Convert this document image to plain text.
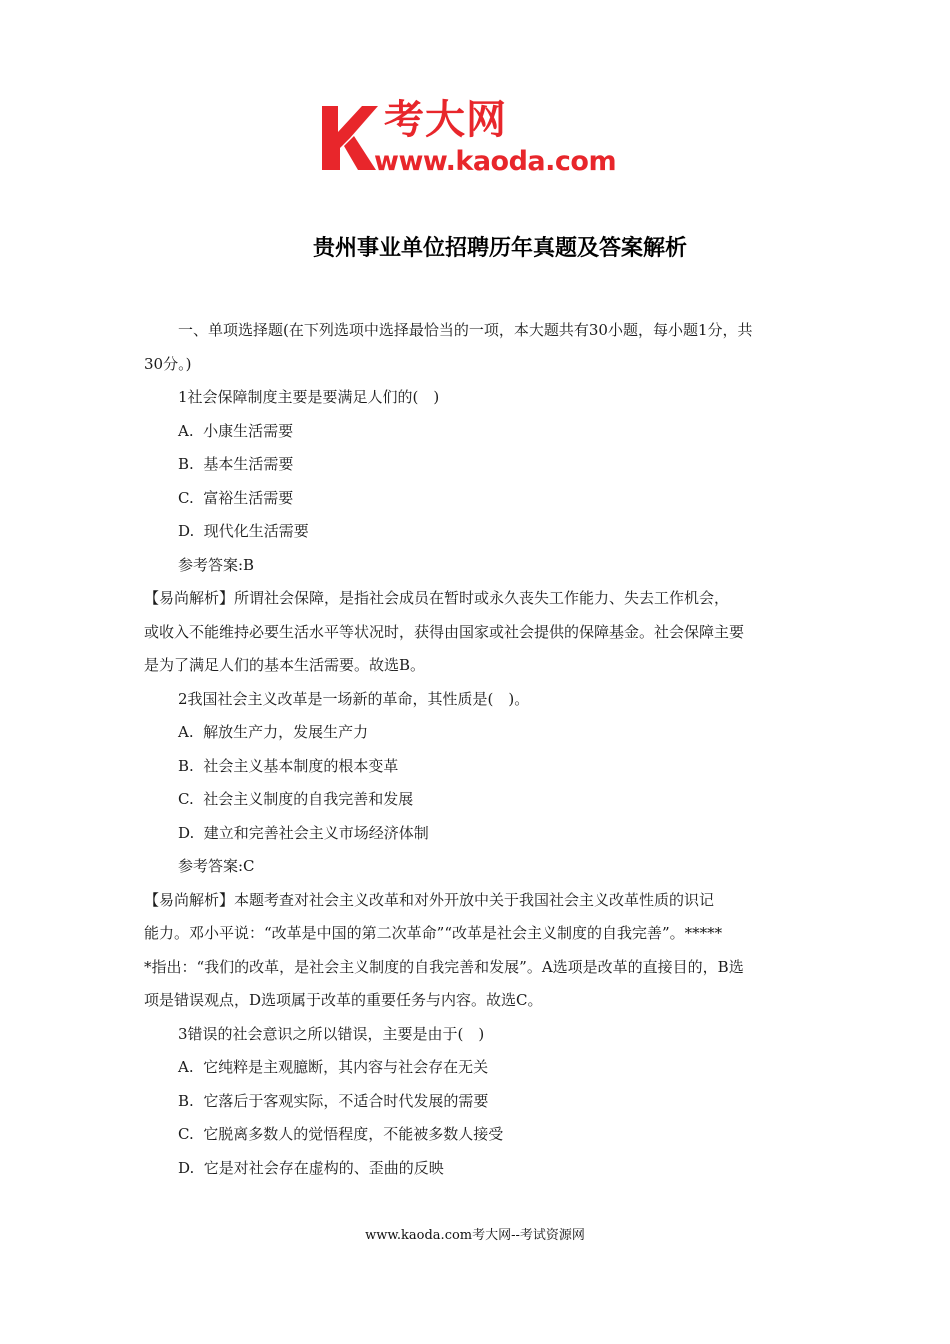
考大网
www.kaoda.com
贵州事业单位招聘历年真题及答案解析

一、单项选择题(在下列选项中选择最恰当的一项，本大题共有30小题，每小题1分，共

30分。)

1社会保障制度主要是要满足人们的(　)

A.  小康生活需要

B.  基本生活需要

C.  富裕生活需要

D.  现代化生活需要

参考答案:B

【易尚解析】所谓社会保障，是指社会成员在暂时或永久丧失工作能力、失去工作机会，

或收入不能维持必要生活水平等状况时，获得由国家或社会提供的保障基金。社会保障主要

是为了满足人们的基本生活需要。故选B。

2我国社会主义改革是一场新的革命，其性质是(　)。

A.  解放生产力，发展生产力

B.  社会主义基本制度的根本变革

C.  社会主义制度的自我完善和发展

D.  建立和完善社会主义市场经济体制

参考答案:C

【易尚解析】本题考查对社会主义改革和对外开放中关于我国社会主义改革性质的识记

能力。邓小平说：“改革是中国的第二次革命”“改革是社会主义制度的自我完善”。*****

*指出：“我们的改革，是社会主义制度的自我完善和发展”。A选项是改革的直接目的，B选

项是错误观点，D选项属于改革的重要任务与内容。故选C。

3错误的社会意识之所以错误，主要是由于(　)

A.  它纯粹是主观臆断，其内容与社会存在无关

B.  它落后于客观实际，不适合时代发展的需要

C.  它脱离多数人的觉悟程度，不能被多数人接受

D.  它是对社会存在虚构的、歪曲的反映

www.kaoda.com考大网--考试资源网
